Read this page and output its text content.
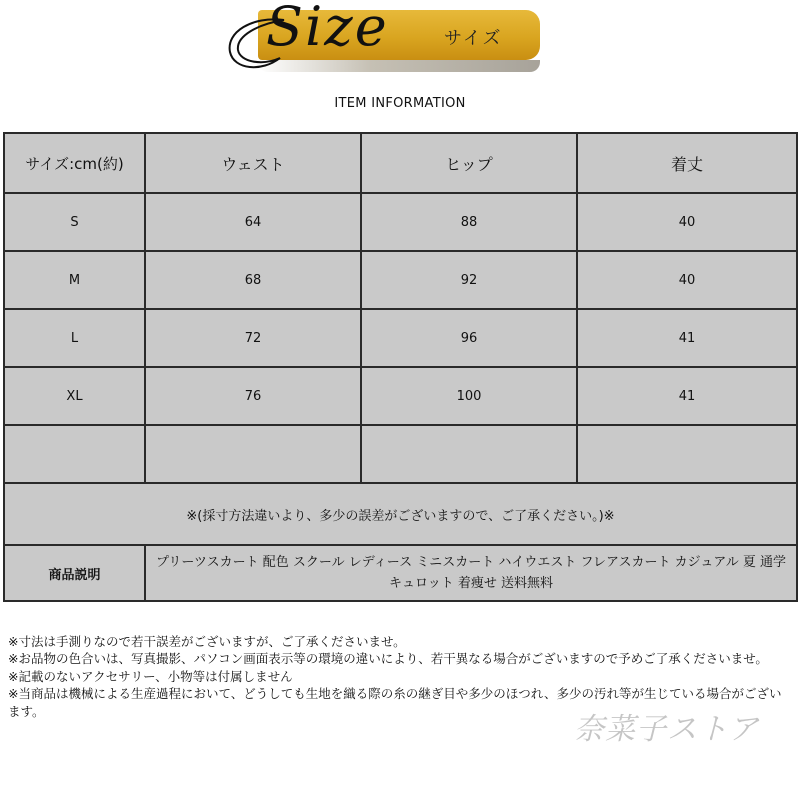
Size	サイズ
ITEM INFORMATION
サイズ:cm(約)	ウェスト	ヒップ	着丈
S	64	88	40
M	68	92	40
L	72	96	41
XL	76	100	41

※(採寸方法違いより、多少の誤差がございますので、ご了承ください。)※			
商品説明	プリーツスカート 配色 スクール レディース ミニスカート ハイウエスト フレアスカート カジュアル 夏 通学 キュロット 着痩せ 送料無料		

※寸法は手測りなので若干誤差がございますが、ご了承くださいませ。

※お品物の色合いは、写真撮影、パソコン画面表示等の環境の違いにより、若干異なる場合がございますので予めご了承くださいませ。

※記載のないアクセサリー、小物等は付属しません

※当商品は機械による生産過程において、どうしても生地を織る際の糸の継ぎ目や多少のほつれ、多少の汚れ等が生じている場合がございます。

奈菜子ストア
